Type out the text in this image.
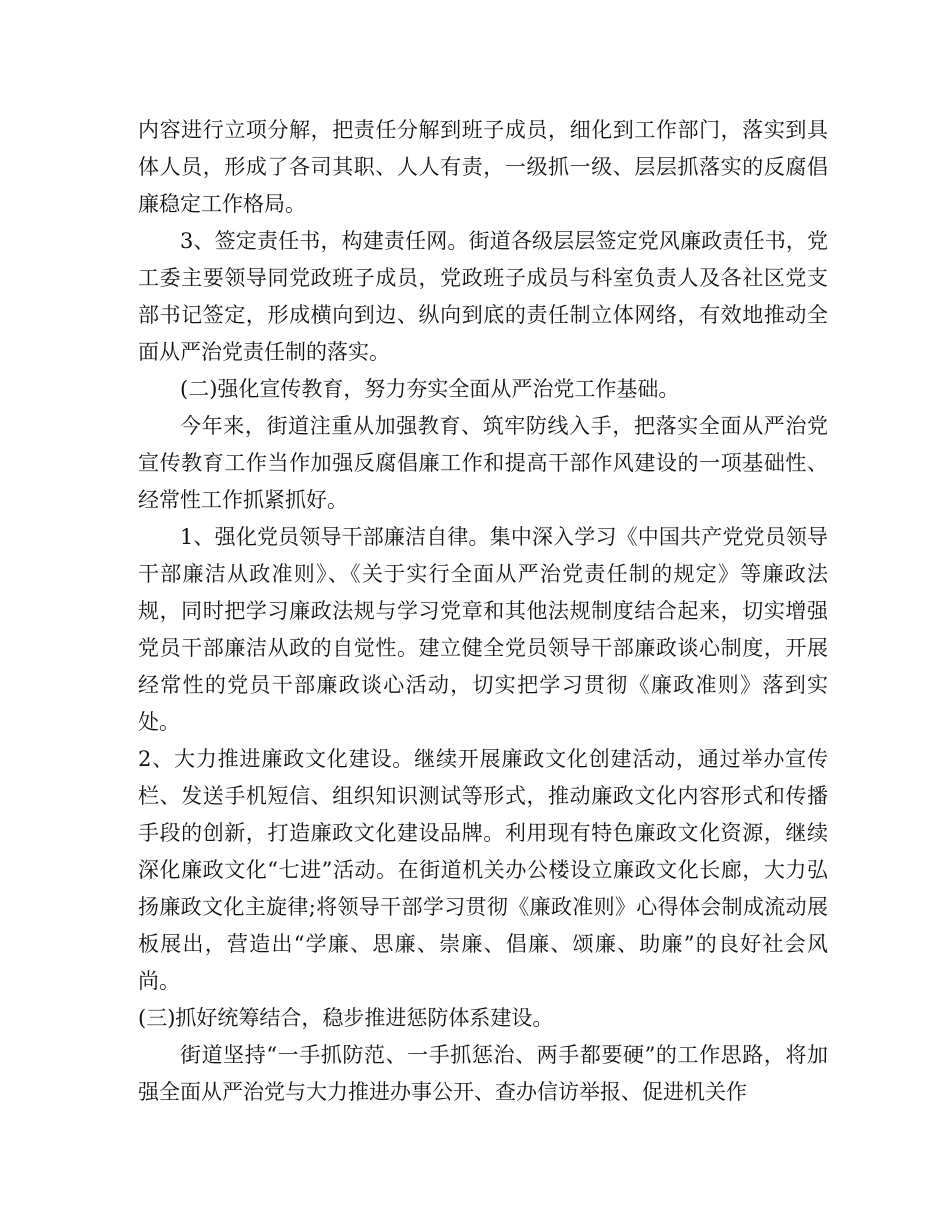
内容进行立项分解，把责任分解到班子成员，细化到工作部门，落实到具体人员，形成了各司其职、人人有责，一级抓一级、层层抓落实的反腐倡廉稳定工作格局。

3、签定责任书，构建责任网。街道各级层层签定党风廉政责任书，党工委主要领导同党政班子成员，党政班子成员与科室负责人及各社区党支部书记签定，形成横向到边、纵向到底的责任制立体网络，有效地推动全面从严治党责任制的落实。

(二)强化宣传教育，努力夯实全面从严治党工作基础。

今年来，街道注重从加强教育、筑牢防线入手，把落实全面从严治党宣传教育工作当作加强反腐倡廉工作和提高干部作风建设的一项基础性、经常性工作抓紧抓好。

1、强化党员领导干部廉洁自律。集中深入学习《中国共产党党员领导干部廉洁从政准则》、《关于实行全面从严治党责任制的规定》等廉政法规，同时把学习廉政法规与学习党章和其他法规制度结合起来，切实增强党员干部廉洁从政的自觉性。建立健全党员领导干部廉政谈心制度，开展经常性的党员干部廉政谈心活动，切实把学习贯彻《廉政准则》落到实处。

2、大力推进廉政文化建设。继续开展廉政文化创建活动，通过举办宣传栏、发送手机短信、组织知识测试等形式，推动廉政文化内容形式和传播手段的创新，打造廉政文化建设品牌。利用现有特色廉政文化资源，继续深化廉政文化“七进”活动。在街道机关办公楼设立廉政文化长廊，大力弘扬廉政文化主旋律;将领导干部学习贯彻《廉政准则》心得体会制成流动展板展出，营造出“学廉、思廉、崇廉、倡廉、颂廉、助廉”的良好社会风尚。

(三)抓好统筹结合，稳步推进惩防体系建设。

街道坚持“一手抓防范、一手抓惩治、两手都要硬”的工作思路，将加强全面从严治党与大力推进办事公开、查办信访举报、促进机关作
